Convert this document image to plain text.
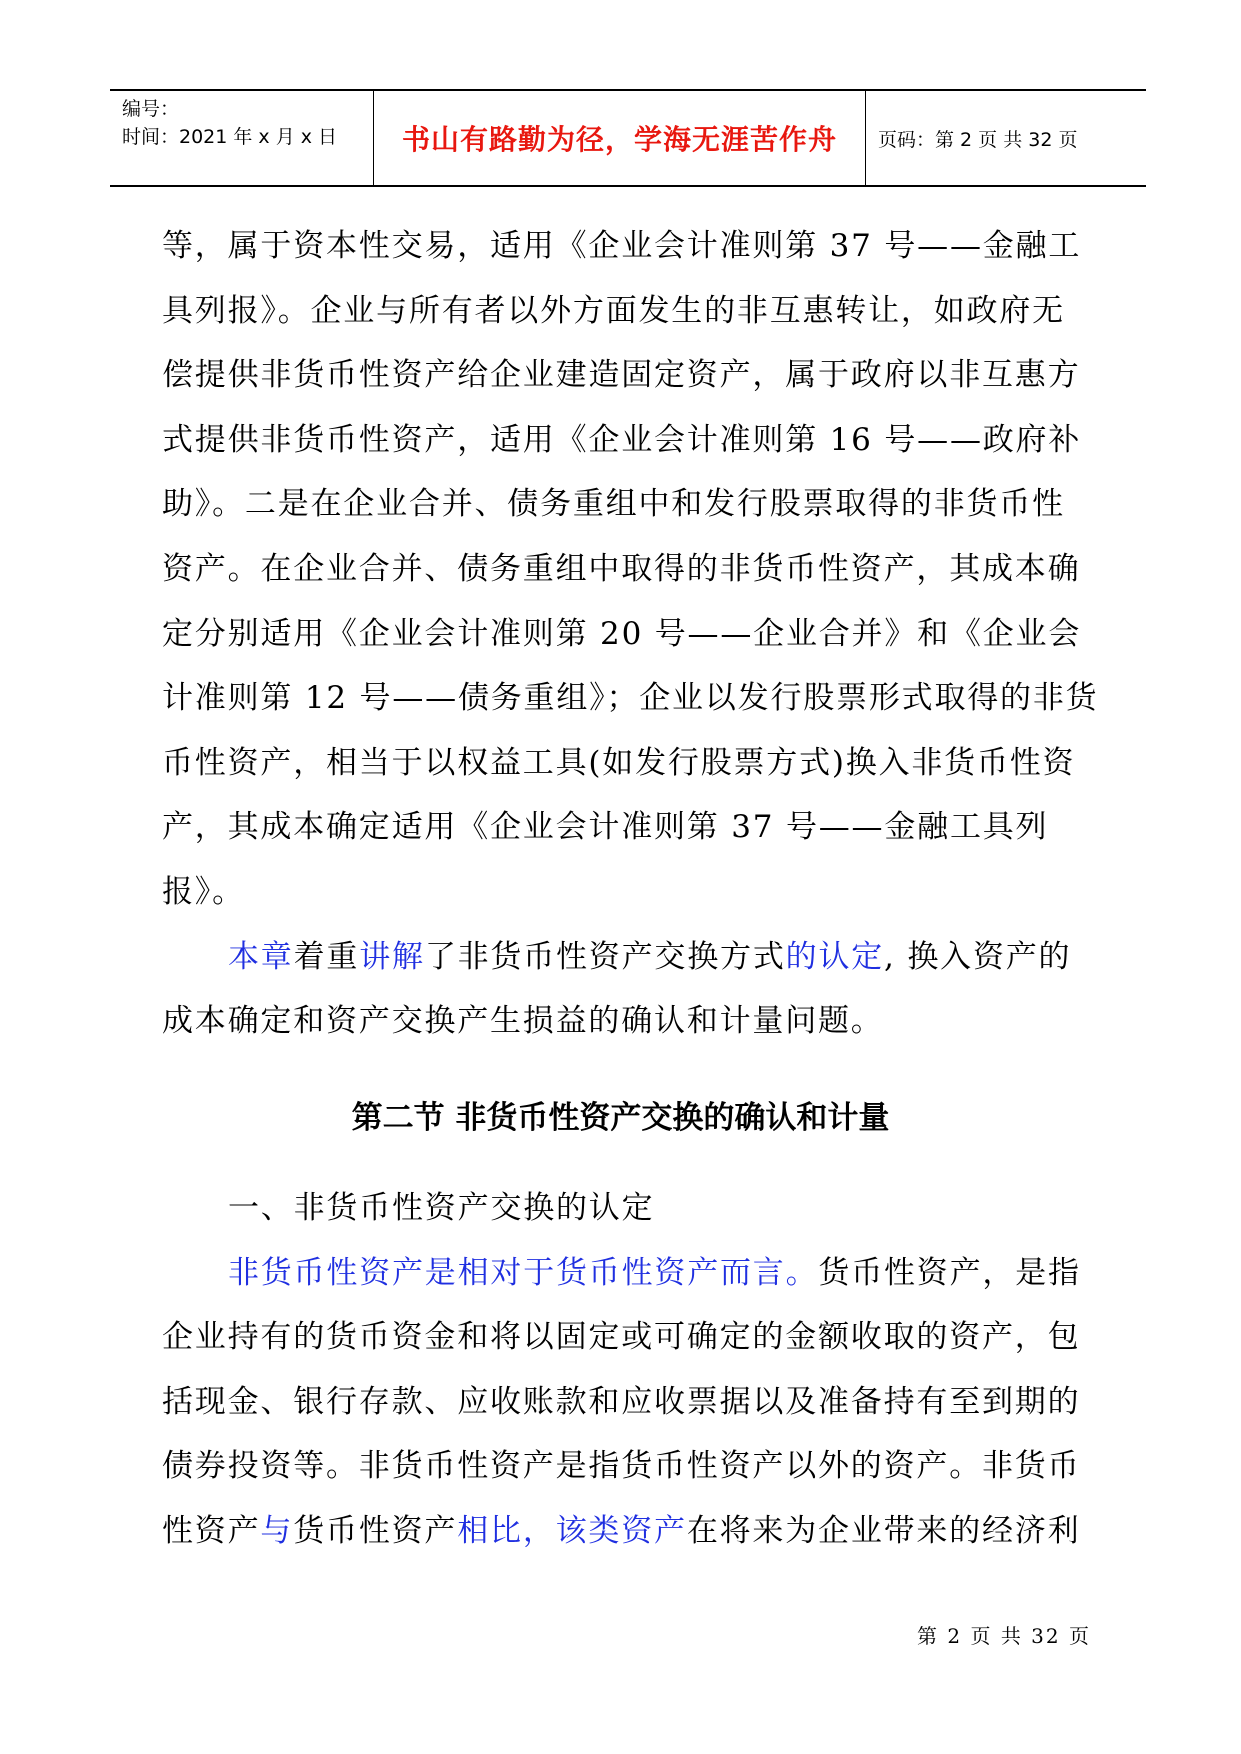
编号：
时间：2021 年 x 月 x 日	书山有路勤为径，学海无涯苦作舟 页码：第 2 页 共 32 页
等，属于资本性交易，适用《企业会计准则第 37 号——金融工
具列报》。企业与所有者以外方面发生的非互惠转让，如政府无
偿提供非货币性资产给企业建造固定资产，属于政府以非互惠方
式提供非货币性资产，适用《企业会计准则第 16 号——政府补
助》。二是在企业合并、债务重组中和发行股票取得的非货币性
资产。在企业合并、债务重组中取得的非货币性资产，其成本确
定分别适用《企业会计准则第 20 号——企业合并》和《企业会
计准则第 12 号——债务重组》；企业以发行股票形式取得的非货
币性资产，相当于以权益工具(如发行股票方式)换入非货币性资
产，其成本确定适用《企业会计准则第 37 号——金融工具列
报》。
本章 着重 讲解 了非货币性资产交换方式 的认定 , 换入资产的
成本确定和资产交换产生损益的确认和计量问题。
第二节 非货币性资产交换的确认和计量
一、非货币性资产交换的认定
非货币性资产是相对于货币性资产而言。 货币性资产，是指
企业持有的货币资金和将以固定或可确定的金额收取的资产，包
括现金、银行存款、应收账款和应收票据以及准备持有至到期的
债券投资等。非货币性资产是指货币性资产以外的资产。非货币
性资产 与 货币性资产 相比，该类资产 在将来为企业带来的经济利
第 2 页 共 32 页
